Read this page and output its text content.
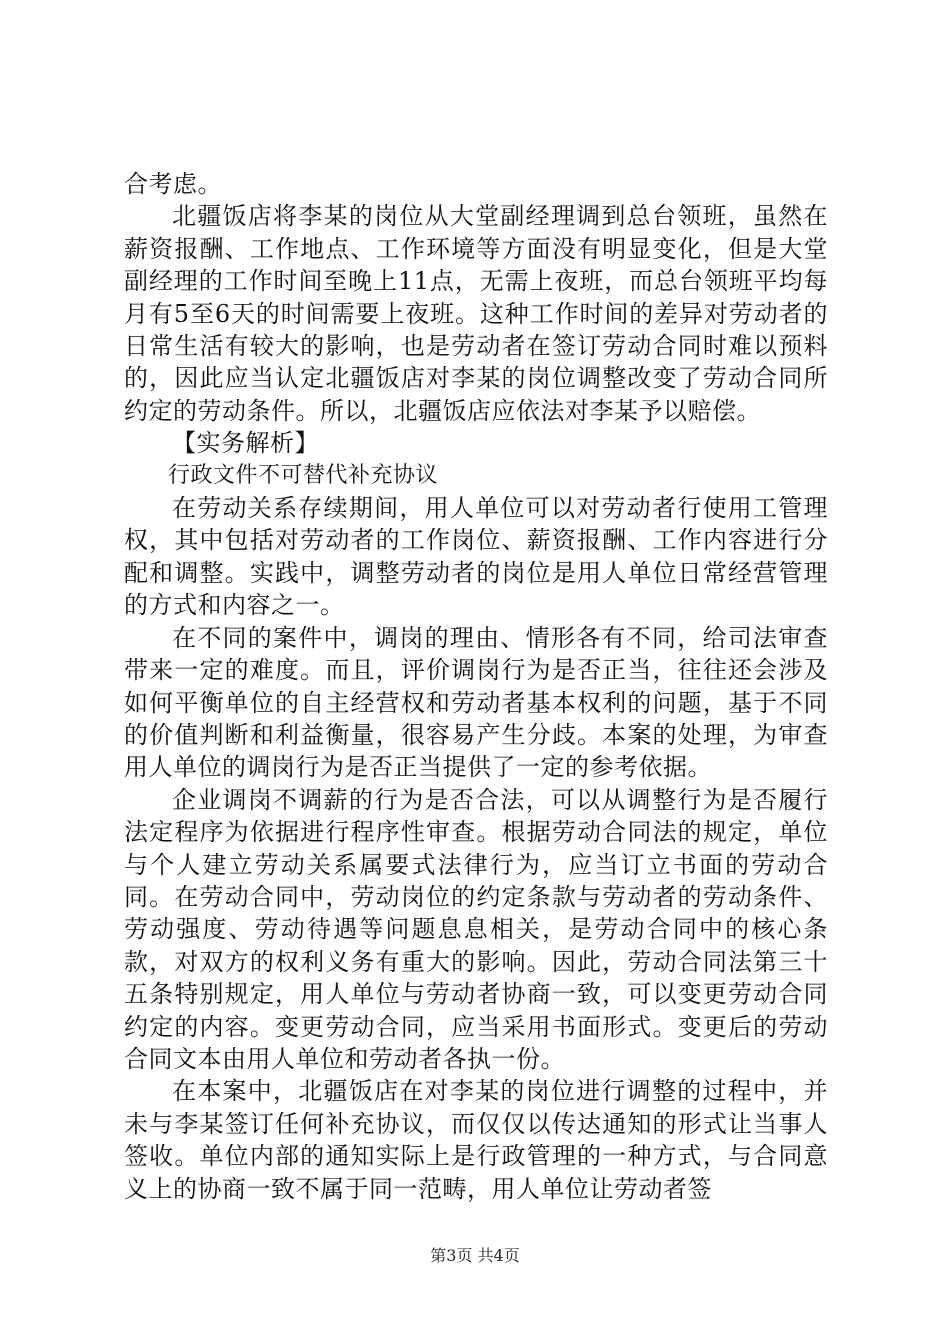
合考虑。

北疆饭店将李某的岗位从大堂副经理调到总台领班，虽然在薪资报酬、工作地点、工作环境等方面没有明显变化，但是大堂副经理的工作时间至晚上11点，无需上夜班，而总台领班平均每月有5至6天的时间需要上夜班。这种工作时间的差异对劳动者的日常生活有较大的影响，也是劳动者在签订劳动合同时难以预料的，因此应当认定北疆饭店对李某的岗位调整改变了劳动合同所约定的劳动条件。所以，北疆饭店应依法对李某予以赔偿。

【实务解析】

行政文件不可替代补充协议

在劳动关系存续期间，用人单位可以对劳动者行使用工管理权，其中包括对劳动者的工作岗位、薪资报酬、工作内容进行分配和调整。实践中，调整劳动者的岗位是用人单位日常经营管理的方式和内容之一。

在不同的案件中，调岗的理由、情形各有不同，给司法审查带来一定的难度。而且，评价调岗行为是否正当，往往还会涉及如何平衡单位的自主经营权和劳动者基本权利的问题，基于不同的价值判断和利益衡量，很容易产生分歧。本案的处理，为审查用人单位的调岗行为是否正当提供了一定的参考依据。

企业调岗不调薪的行为是否合法，可以从调整行为是否履行法定程序为依据进行程序性审查。根据劳动合同法的规定，单位与个人建立劳动关系属要式法律行为，应当订立书面的劳动合同。在劳动合同中，劳动岗位的约定条款与劳动者的劳动条件、劳动强度、劳动待遇等问题息息相关，是劳动合同中的核心条款，对双方的权利义务有重大的影响。因此，劳动合同法第三十五条特别规定，用人单位与劳动者协商一致，可以变更劳动合同约定的内容。变更劳动合同，应当采用书面形式。变更后的劳动合同文本由用人单位和劳动者各执一份。

在本案中，北疆饭店在对李某的岗位进行调整的过程中，并未与李某签订任何补充协议，而仅仅以传达通知的形式让当事人签收。单位内部的通知实际上是行政管理的一种方式，与合同意义上的协商一致不属于同一范畴，用人单位让劳动者签

第3页 共4页
